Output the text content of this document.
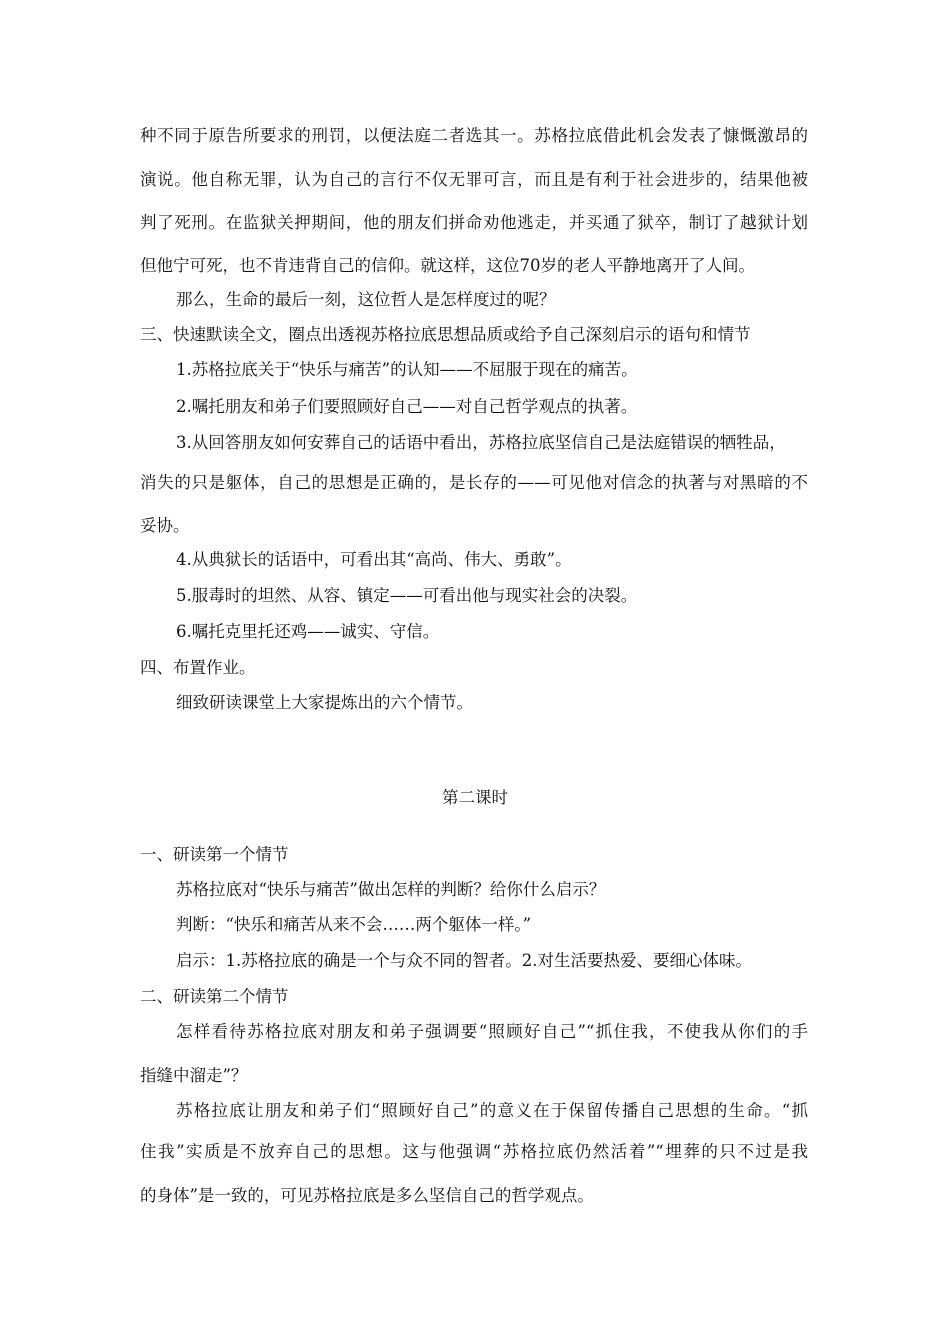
种不同于原告所要求的刑罚，以便法庭二者选其一。苏格拉底借此机会发表了慷慨激昂的
演说。他自称无罪，认为自己的言行不仅无罪可言，而且是有利于社会进步的，结果他被
判了死刑。在监狱关押期间，他的朋友们拼命劝他逃走，并买通了狱卒，制订了越狱计划
但他宁可死，也不肯违背自己的信仰。就这样，这位70岁的老人平静地离开了人间。
那么，生命的最后一刻，这位哲人是怎样度过的呢？
三、快速默读全文，圈点出透视苏格拉底思想品质或给予自己深刻启示的语句和情节
1.苏格拉底关于“快乐与痛苦”的认知——不屈服于现在的痛苦。
2.嘱托朋友和弟子们要照顾好自己——对自己哲学观点的执著。
3.从回答朋友如何安葬自己的话语中看出，苏格拉底坚信自己是法庭错误的牺牲品，
消失的只是躯体，自己的思想是正确的，是长存的——可见他对信念的执著与对黑暗的不
妥协。
4.从典狱长的话语中，可看出其“高尚、伟大、勇敢”。
5.服毒时的坦然、从容、镇定——可看出他与现实社会的决裂。
6.嘱托克里托还鸡——诚实、守信。
四、布置作业。
细致研读课堂上大家提炼出的六个情节。
第二课时
一、研读第一个情节
苏格拉底对“快乐与痛苦”做出怎样的判断？给你什么启示？
判断：“快乐和痛苦从来不会……两个躯体一样。”
启示：1.苏格拉底的确是一个与众不同的智者。2.对生活要热爱、要细心体味。
二、研读第二个情节
怎样看待苏格拉底对朋友和弟子强调要“照顾好自己”“抓住我，不使我从你们的手
指缝中溜走”？
苏格拉底让朋友和弟子们“照顾好自己”的意义在于保留传播自己思想的生命。“抓
住我”实质是不放弃自己的思想。这与他强调“苏格拉底仍然活着”“埋葬的只不过是我
的身体”是一致的，可见苏格拉底是多么坚信自己的哲学观点。
